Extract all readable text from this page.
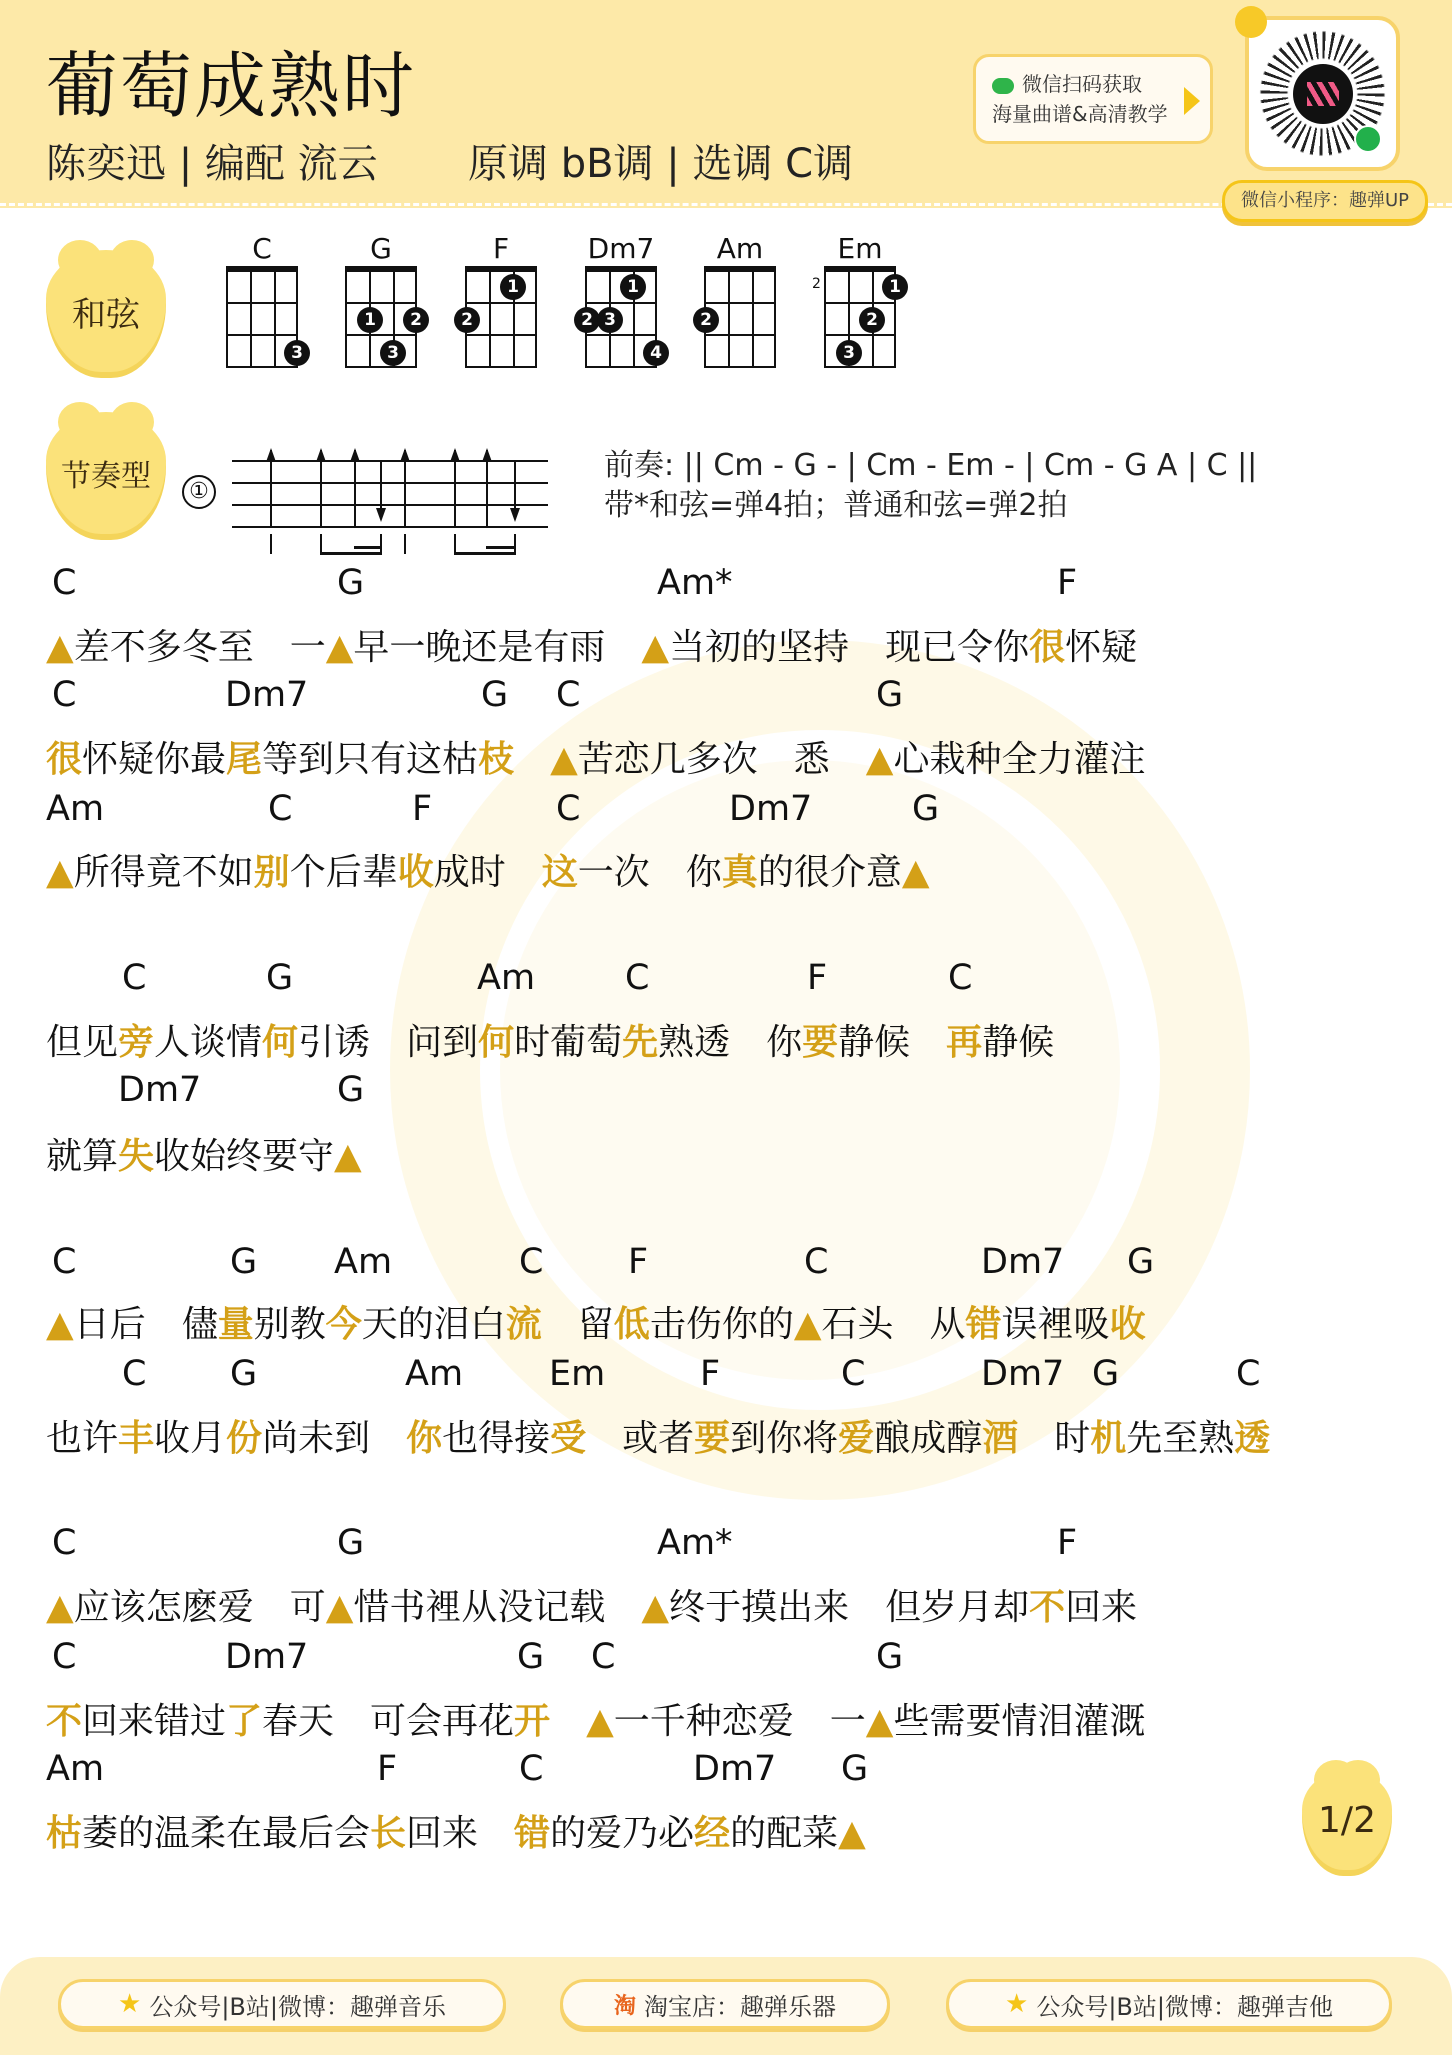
葡萄成熟时
陈奕迅 | 编配 流云 原调 bB调 | 选调 C调
微信扫码获取
海量曲谱&高清教学
微信小程序：趣弹UP
和弦
C
3
G
1	2
3
F
1
2
Dm7
1
2 3
4
Am
2
Em
2	1
2
3
节奏型	①
前奏: || Cm - G - | Cm - Em - | Cm - G A | C ||
带*和弦=弹4拍；普通和弦=弹2拍
C	G	Am*	F
▲差不多冬至　一▲早一晚还是有雨　▲当初的坚持　现已令你很怀疑
C	Dm7	G C	G
很怀疑你最尾等到只有这枯枝　 ▲苦恋几多次　悉　▲心栽种全力灌注
Am	C	F	C	Dm7	G
▲所得竟不如别个后辈收成时　这一次　你真的很介意▲
C	G	Am	C	F	C
但见旁人谈情何引诱　问到何时葡萄先熟透　你要静候　再静候
Dm7	G
就算失收始终要守▲
C	G Am	C F	C	Dm7 G
▲日后　儘量别教今天的泪白流　留低击伤你的▲石头　从错误裡吸收
C G	Am Em	F	C	Dm7 G	C
也许丰收月份尚未到　你也得接受　或者要到你将爱酿成醇酒　时机先至熟透
C	G	Am*	F
▲应该怎麽爱　可▲惜书裡从没记载　▲终于摸出来　但岁月却不回来
C	Dm7	G C	G
不回来错过了春天　可会再花开　 ▲一千种恋爱　一▲些需要情泪灌溉
Am	F	C	Dm7 G
枯萎的温柔在最后会长回来　错的爱乃必经的配菜▲	1/2
★ 公众号|B站|微博：趣弹音乐	淘 淘宝店：趣弹乐器	★ 公众号|B站|微博：趣弹吉他
